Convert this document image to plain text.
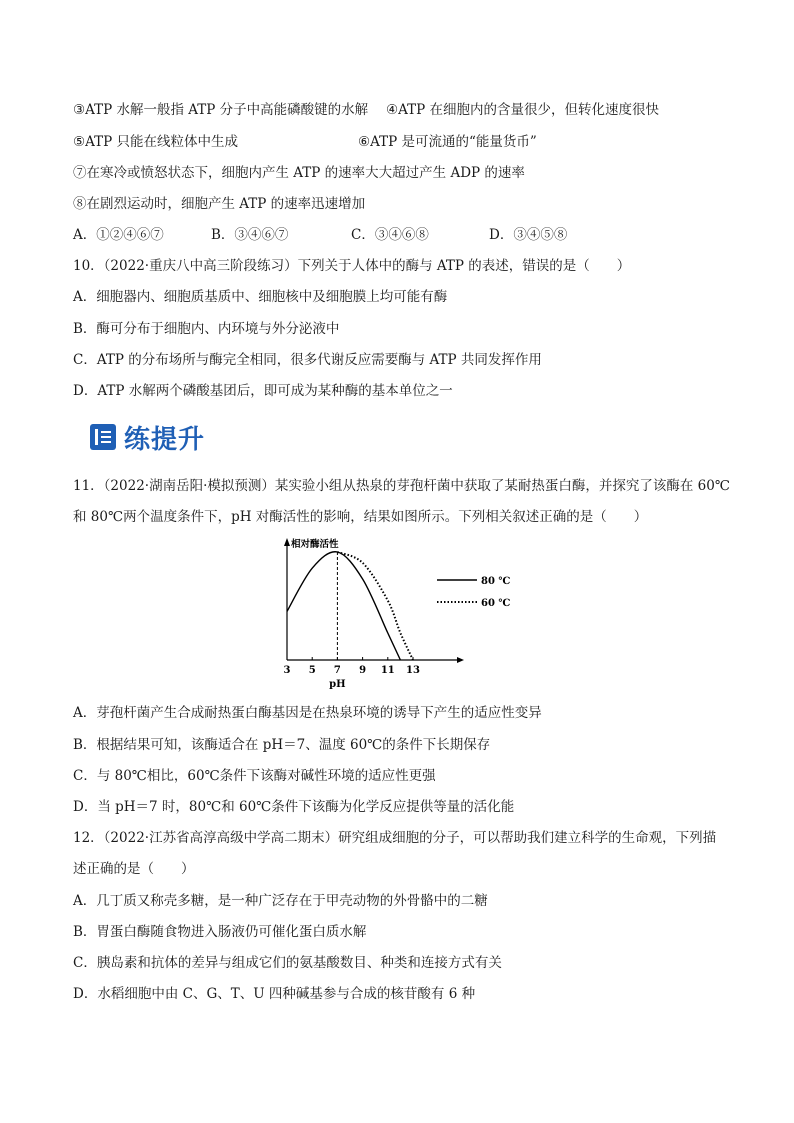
③ATP 水解一般指 ATP 分子中高能磷酸键的水解 ④ATP 在细胞内的含量很少，但转化速度很快
⑤ATP 只能在线粒体中生成	⑥ATP 是可流通的“能量货币”
⑦在寒冷或愤怒状态下，细胞内产生 ATP 的速率大大超过产生 ADP 的速率
⑧在剧烈运动时，细胞产生 ATP 的速率迅速增加
A．①②④⑥⑦	B．③④⑥⑦	C．③④⑥⑧	D．③④⑤⑧
10．（2022·重庆八中高三阶段练习）下列关于人体中的酶与 ATP 的表述，错误的是（　　）
A．细胞器内、细胞质基质中、细胞核中及细胞膜上均可能有酶
B．酶可分布于细胞内、内环境与外分泌液中
C．ATP 的分布场所与酶完全相同，很多代谢反应需要酶与 ATP 共同发挥作用
D．ATP 水解两个磷酸基团后，即可成为某种酶的基本单位之一
练提升
11．（2022·湖南岳阳·模拟预测）某实验小组从热泉的芽孢杆菌中获取了某耐热蛋白酶，并探究了该酶在 60℃
和 80℃两个温度条件下，pH 对酶活性的影响，结果如图所示。下列相关叙述正确的是（　　）
相对酶活性
3 5 7 9 11 13
pH
80 ℃
60 ℃
A．芽孢杆菌产生合成耐热蛋白酶基因是在热泉环境的诱导下产生的适应性变异
B．根据结果可知，该酶适合在 pH＝7、温度 60℃的条件下长期保存
C．与 80℃相比，60℃条件下该酶对碱性环境的适应性更强
D．当 pH＝7 时，80℃和 60℃条件下该酶为化学反应提供等量的活化能
12．（2022·江苏省高淳高级中学高二期末）研究组成细胞的分子，可以帮助我们建立科学的生命观，下列描
述正确的是（　　）
A．几丁质又称壳多糖，是一种广泛存在于甲壳动物的外骨骼中的二糖
B．胃蛋白酶随食物进入肠液仍可催化蛋白质水解
C．胰岛素和抗体的差异与组成它们的氨基酸数目、种类和连接方式有关
D．水稻细胞中由 C、G、T、U 四种碱基参与合成的核苷酸有 6 种
